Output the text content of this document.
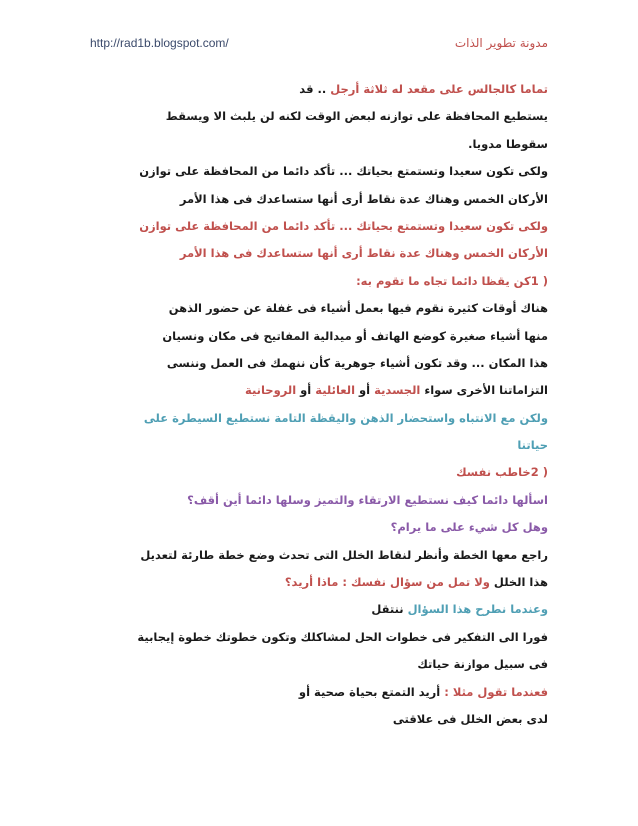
http://rad1b.blogspot.com/	مدونة تطوير الذات
تماما كالجالس على مقعد له ثلاثة أرجل .. قد
يستطيع المحافظة على توازنه لبعض الوقت لكنه لن يلبث الا ويسقط
سقوطا مدويا.
ولكى تكون سعيدا وتستمتع بحياتك ... تأكد دائما من المحافظة على توازن
الأركان الخمس وهناك عدة نقاط أرى أنها ستساعدك فى هذا الأمر
ولكى تكون سعيدا وتستمتع بحياتك ... تأكد دائما من المحافظة على توازن
الأركان الخمس وهناك عدة نقاط أرى أنها ستساعدك فى هذا الأمر
( 1كن يقظا دائما تجاه ما تقوم به:
هناك أوقات كثيرة نقوم فيها بعمل أشياء فى غفلة عن حضور الذهن
منها أشياء صغيرة كوضع الهاتف أو ميدالية المفاتيح فى مكان ونسيان
هذا المكان ... وقد تكون أشياء جوهرية كأن ننهمك فى العمل وننسى
التزاماتنا الأخرى سواء الجسدية أو العائلية أو الروحانية
ولكن مع الانتباه واستحضار الذهن واليقظة التامة نستطيع السيطرة على
حياتنا
( 2خاطب نفسك
اسألها دائما كيف نستطيع الارتقاء والتميز وسلها دائما أين أقف؟
وهل كل شيء على ما يرام؟
راجع معها الخطة وأنظر لنقاط الخلل التى تحدث وضع خطة طارئة لتعديل
هذا الخلل ولا تمل من سؤال نفسك : ماذا أريد؟
وعندما نطرح هذا السؤال ننتقل
فورا الى التفكير فى خطوات الحل لمشاكلك وتكون خطوتك خطوة إيجابية
فى سبيل موازنة حياتك
فعندما تقول مثلا : أريد التمتع بحياة صحية أو
لدى بعض الخلل فى علاقتى
